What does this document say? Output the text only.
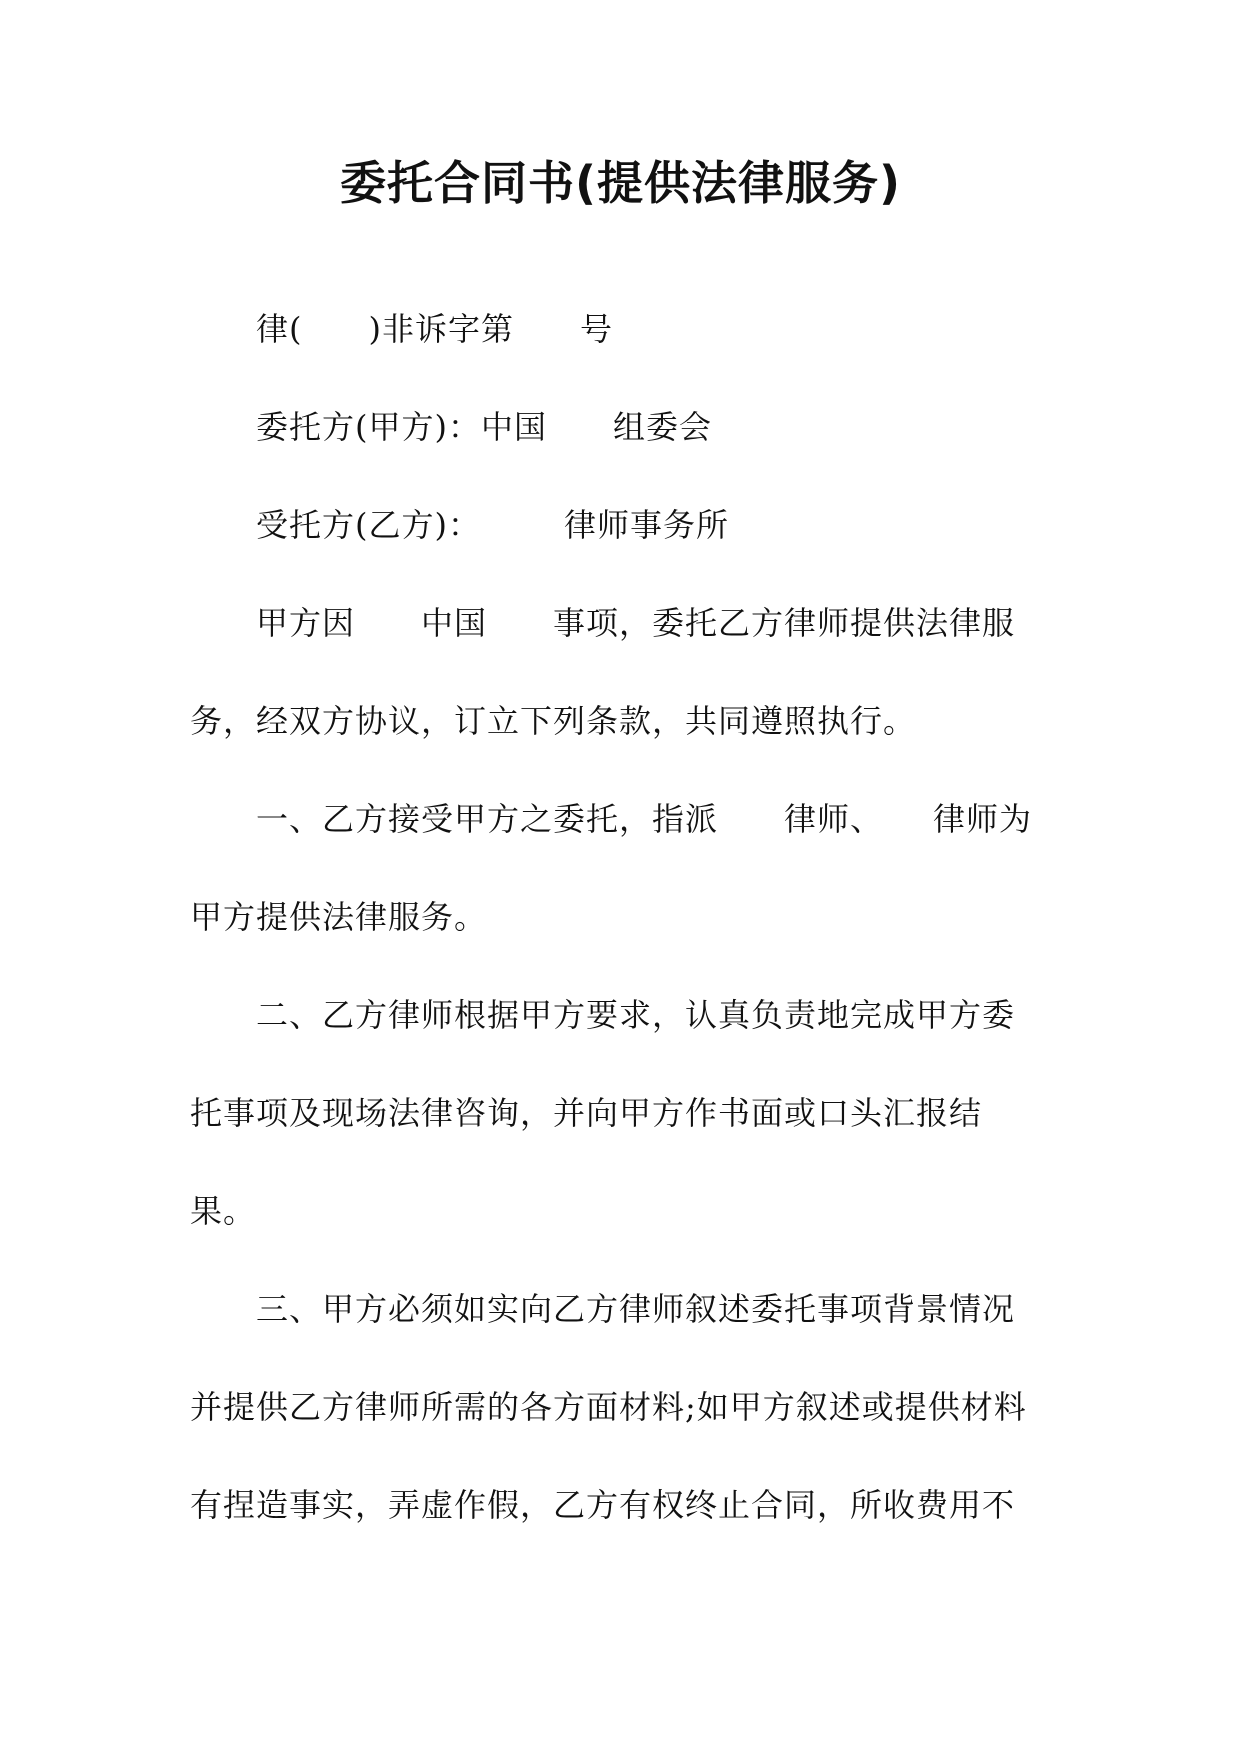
委托合同书(提供法律服务)
律(　　)非诉字第　　号
委托方(甲方)：中国　　组委会
受托方(乙方)：　　　律师事务所
甲方因　　中国　　事项，委托乙方律师提供法律服
务，经双方协议，订立下列条款，共同遵照执行。
一、乙方接受甲方之委托，指派　　律师、　　律师为
甲方提供法律服务。
二、乙方律师根据甲方要求，认真负责地完成甲方委
托事项及现场法律咨询，并向甲方作书面或口头汇报结
果。
三、甲方必须如实向乙方律师叙述委托事项背景情况
并提供乙方律师所需的各方面材料;如甲方叙述或提供材料
有捏造事实，弄虚作假，乙方有权终止合同，所收费用不
